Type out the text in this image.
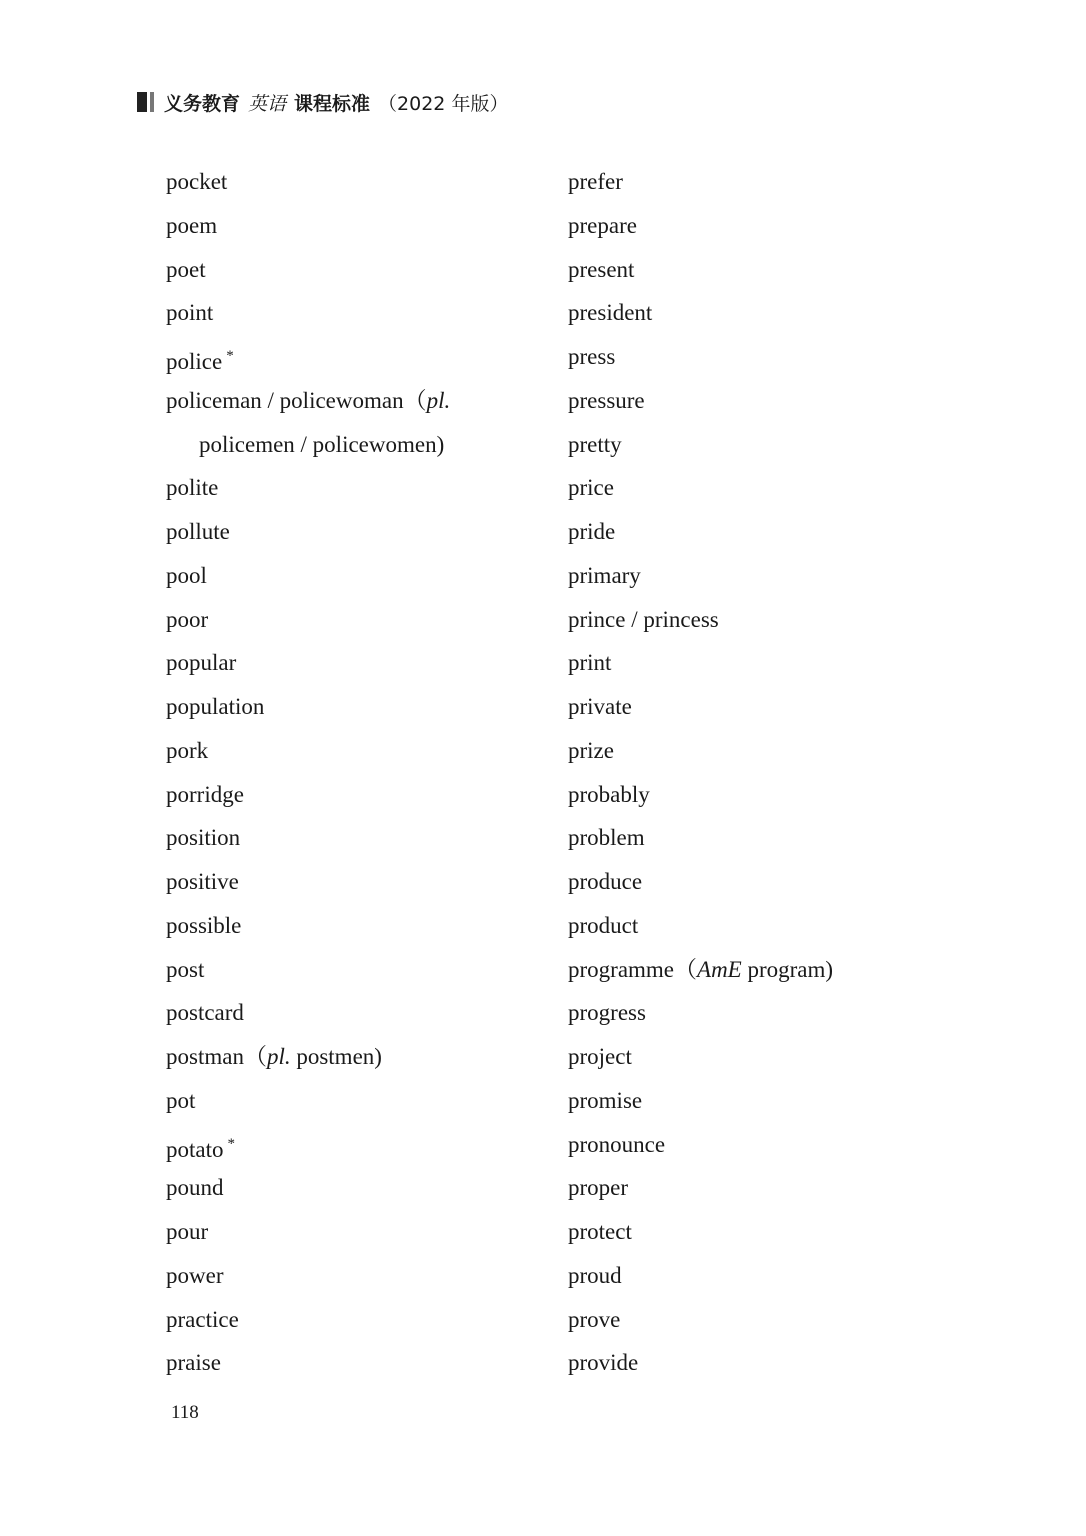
义务教育 英语 课程标准 （2022 年版）
pocket
poem
poet
point
police *
policeman / policewoman（pl.
policemen / policewomen)
polite
pollute
pool
poor
popular
population
pork
porridge
position
positive
possible
post
postcard
postman（pl. postmen)
pot
potato *
pound
pour
power
practice
praise
prefer
prepare
present
president
press
pressure
pretty
price
pride
primary
prince / princess
print
private
prize
probably
problem
produce
product
programme（AmE program)
progress
project
promise
pronounce
proper
protect
proud
prove
provide
118
